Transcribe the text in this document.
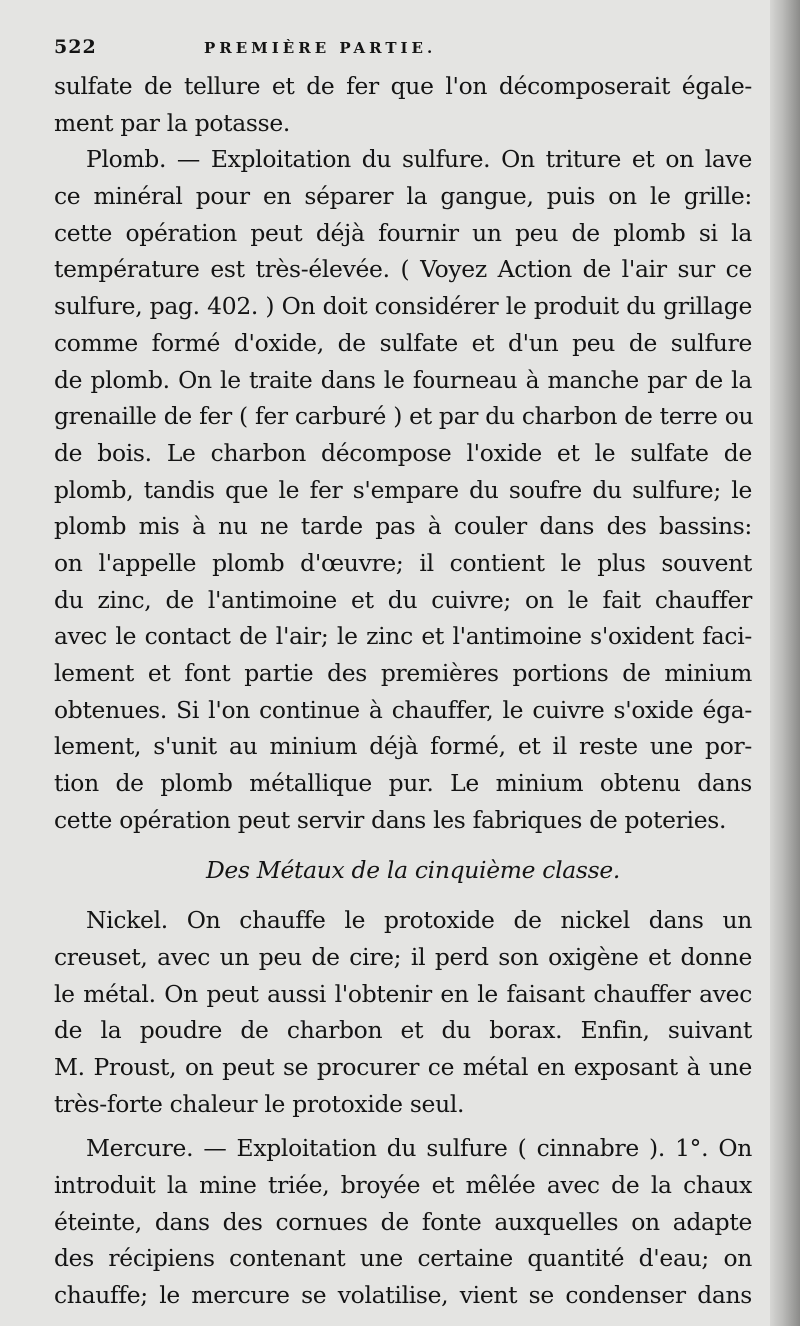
522	PREMIÈRE PARTIE.
sulfate de tellure et de fer que l'on décomposerait égale-
ment par la potasse.
Plomb. — Exploitation du sulfure. On triture et on lave
ce minéral pour en séparer la gangue, puis on le grille:
cette opération peut déjà fournir un peu de plomb si la
température est très-élevée. ( Voyez Action de l'air sur ce
sulfure, pag. 402. ) On doit considérer le produit du grillage
comme formé d'oxide, de sulfate et d'un peu de sulfure
de plomb. On le traite dans le fourneau à manche par de la
grenaille de fer ( fer carburé ) et par du charbon de terre ou
de bois. Le charbon décompose l'oxide et le sulfate de
plomb, tandis que le fer s'empare du soufre du sulfure; le
plomb mis à nu ne tarde pas à couler dans des bassins:
on l'appelle plomb d'œuvre; il contient le plus souvent
du zinc, de l'antimoine et du cuivre; on le fait chauffer
avec le contact de l'air; le zinc et l'antimoine s'oxident faci-
lement et font partie des premières portions de minium
obtenues. Si l'on continue à chauffer, le cuivre s'oxide éga-
lement, s'unit au minium déjà formé, et il reste une por-
tion de plomb métallique pur. Le minium obtenu dans
cette opération peut servir dans les fabriques de poteries.
Des Métaux de la cinquième classe.
Nickel. On chauffe le protoxide de nickel dans un
creuset, avec un peu de cire; il perd son oxigène et donne
le métal. On peut aussi l'obtenir en le faisant chauffer avec
de la poudre de charbon et du borax. Enfin, suivant
M. Proust, on peut se procurer ce métal en exposant à une
très-forte chaleur le protoxide seul.
Mercure. — Exploitation du sulfure ( cinnabre ). 1°. On
introduit la mine triée, broyée et mêlée avec de la chaux
éteinte, dans des cornues de fonte auxquelles on adapte
des récipiens contenant une certaine quantité d'eau; on
chauffe; le mercure se volatilise, vient se condenser dans
